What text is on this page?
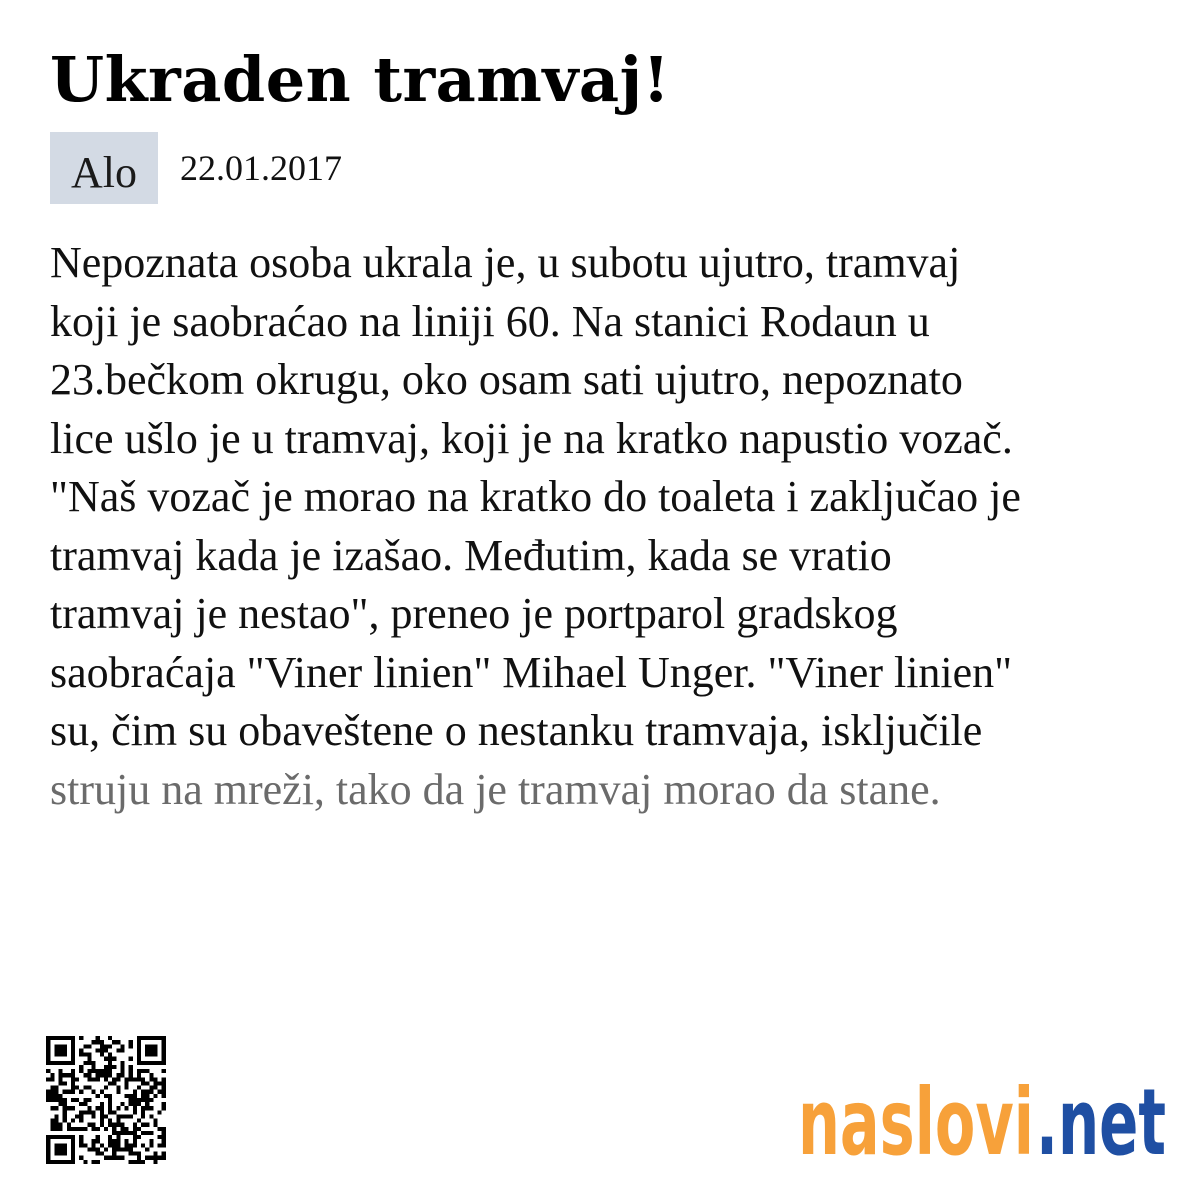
Ukraden tramvaj!
Alo 22.01.2017
Nepoznata osoba ukrala je, u subotu ujutro, tramvaj
koji je saobraćao na liniji 60. Na stanici Rodaun u
23.bečkom okrugu, oko osam sati ujutro, nepoznato
lice ušlo je u tramvaj, koji je na kratko napustio vozač.
"Naš vozač je morao na kratko do toaleta i zaključao je
tramvaj kada je izašao. Međutim, kada se vratio
tramvaj je nestao", preneo je portparol gradskog
saobraćaja "Viner linien" Mihael Unger. "Viner linien"
su, čim su obaveštene o nestanku tramvaja, isključile
struju na mreži, tako da je tramvaj morao da stane.
naslovi .net
